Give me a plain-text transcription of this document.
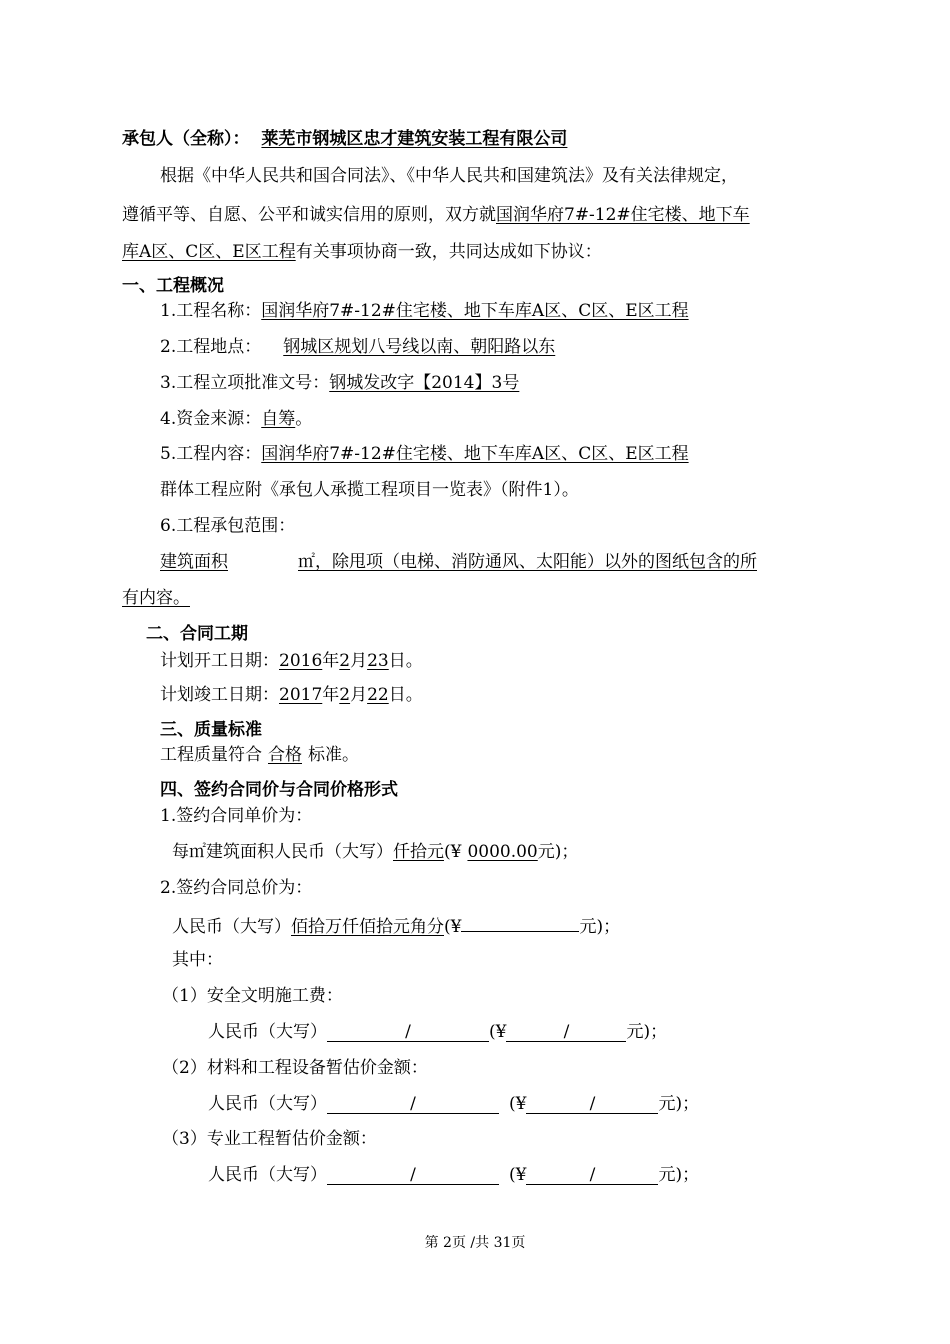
承包人（全称）： 莱芜市钢城区忠才建筑安装工程有限公司
根据《中华人民共和国合同法》、《中华人民共和国建筑法》及有关法律规定，
遵循平等、自愿、公平和诚实信用的原则，双方就国润华府7#-12#住宅楼、地下车
库A区、C区、E区工程有关事项协商一致，共同达成如下协议：
一、工程概况
1.工程名称：国润华府7#-12#住宅楼、地下车库A区、C区、E区工程
2.工程地点： 钢城区规划八号线以南、朝阳路以东
3.工程立项批准文号：钢城发改字【2014】3号
4.资金来源：自筹。
5.工程内容：国润华府7#-12#住宅楼、地下车库A区、C区、E区工程
群体工程应附《承包人承揽工程项目一览表》（附件1）。
6.工程承包范围：
建筑面积	㎡，除甩项（电梯、消防通风、太阳能）以外的图纸包含的所
有内容。
二、合同工期
计划开工日期：2016年2月23日。
计划竣工日期：2017年2月22日。
三、质量标准
工程质量符合 合格 标准。
四、签约合同价与合同价格形式
1.签约合同单价为：
每㎡建筑面积人民币（大写）仟拾元(¥ 0000.00元)；
2.签约合同总价为：
人民币（大写）佰拾万仟佰拾元角分(¥	元)；
其中：
（1）安全文明施工费：
人民币（大写）	/	(¥	/	元)；
（2）材料和工程设备暂估价金额：
人民币（大写）	/	(¥	/	元)；
（3）专业工程暂估价金额：
人民币（大写）	/	(¥	/	元)；
第 2页 /共 31页
